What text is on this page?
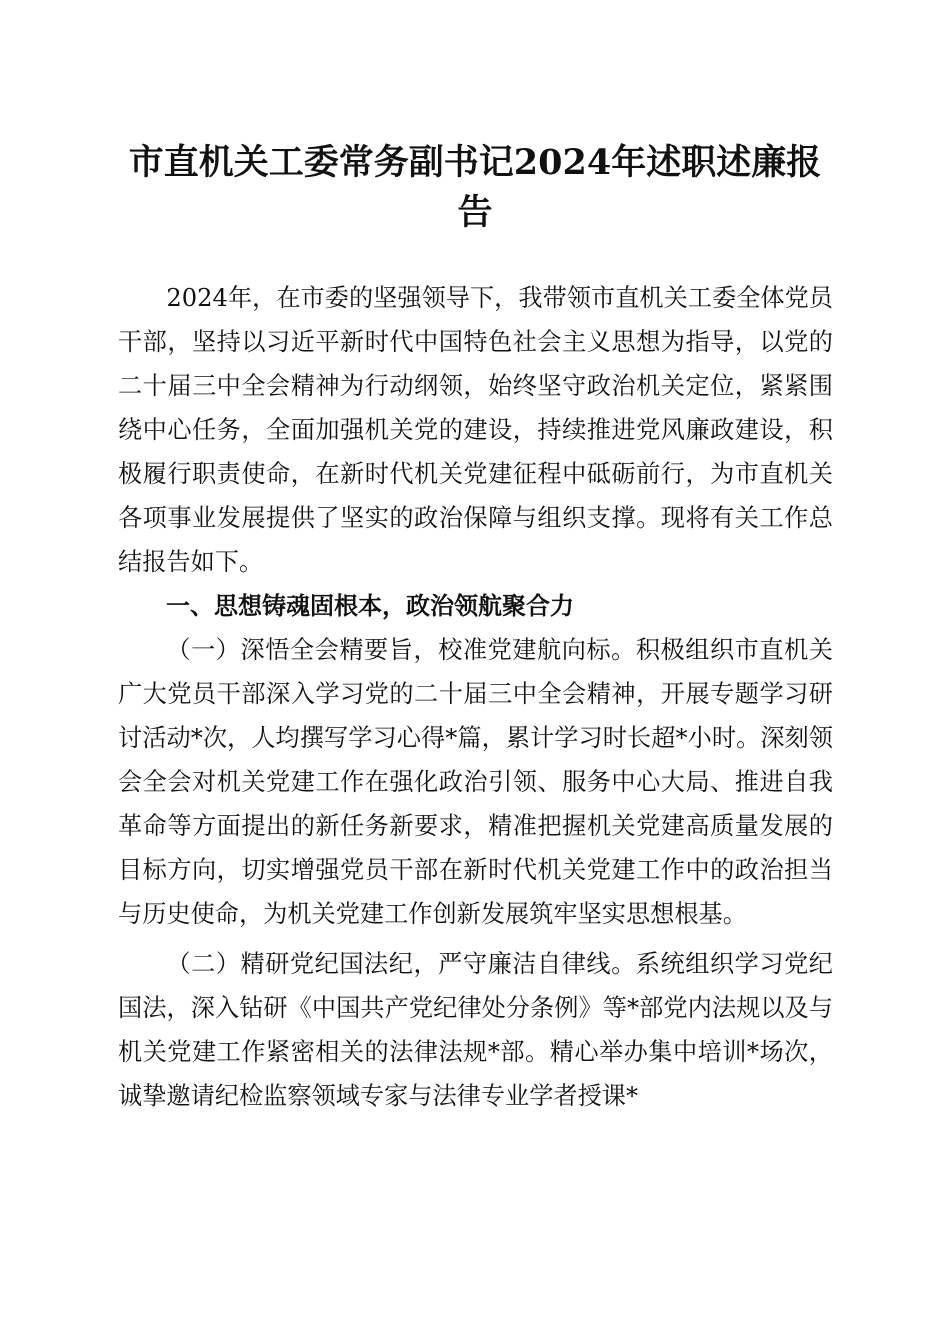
市直机关工委常务副书记2024年述职述廉报告

2024年，在市委的坚强领导下，我带领市直机关工委全体党员干部，坚持以习近平新时代中国特色社会主义思想为指导，以党的二十届三中全会精神为行动纲领，始终坚守政治机关定位，紧紧围绕中心任务，全面加强机关党的建设，持续推进党风廉政建设，积极履行职责使命，在新时代机关党建征程中砥砺前行，为市直机关各项事业发展提供了坚实的政治保障与组织支撑。现将有关工作总结报告如下。

一、思想铸魂固根本，政治领航聚合力

（一）深悟全会精要旨，校准党建航向标。积极组织市直机关广大党员干部深入学习党的二十届三中全会精神，开展专题学习研讨活动*次，人均撰写学习心得*篇，累计学习时长超*小时。深刻领会全会对机关党建工作在强化政治引领、服务中心大局、推进自我革命等方面提出的新任务新要求，精准把握机关党建高质量发展的目标方向，切实增强党员干部在新时代机关党建工作中的政治担当与历史使命，为机关党建工作创新发展筑牢坚实思想根基。

（二）精研党纪国法纪，严守廉洁自律线。系统组织学习党纪国法，深入钻研《中国共产党纪律处分条例》等*部党内法规以及与机关党建工作紧密相关的法律法规*部。精心举办集中培训*场次，诚挚邀请纪检监察领域专家与法律专业学者授课*
